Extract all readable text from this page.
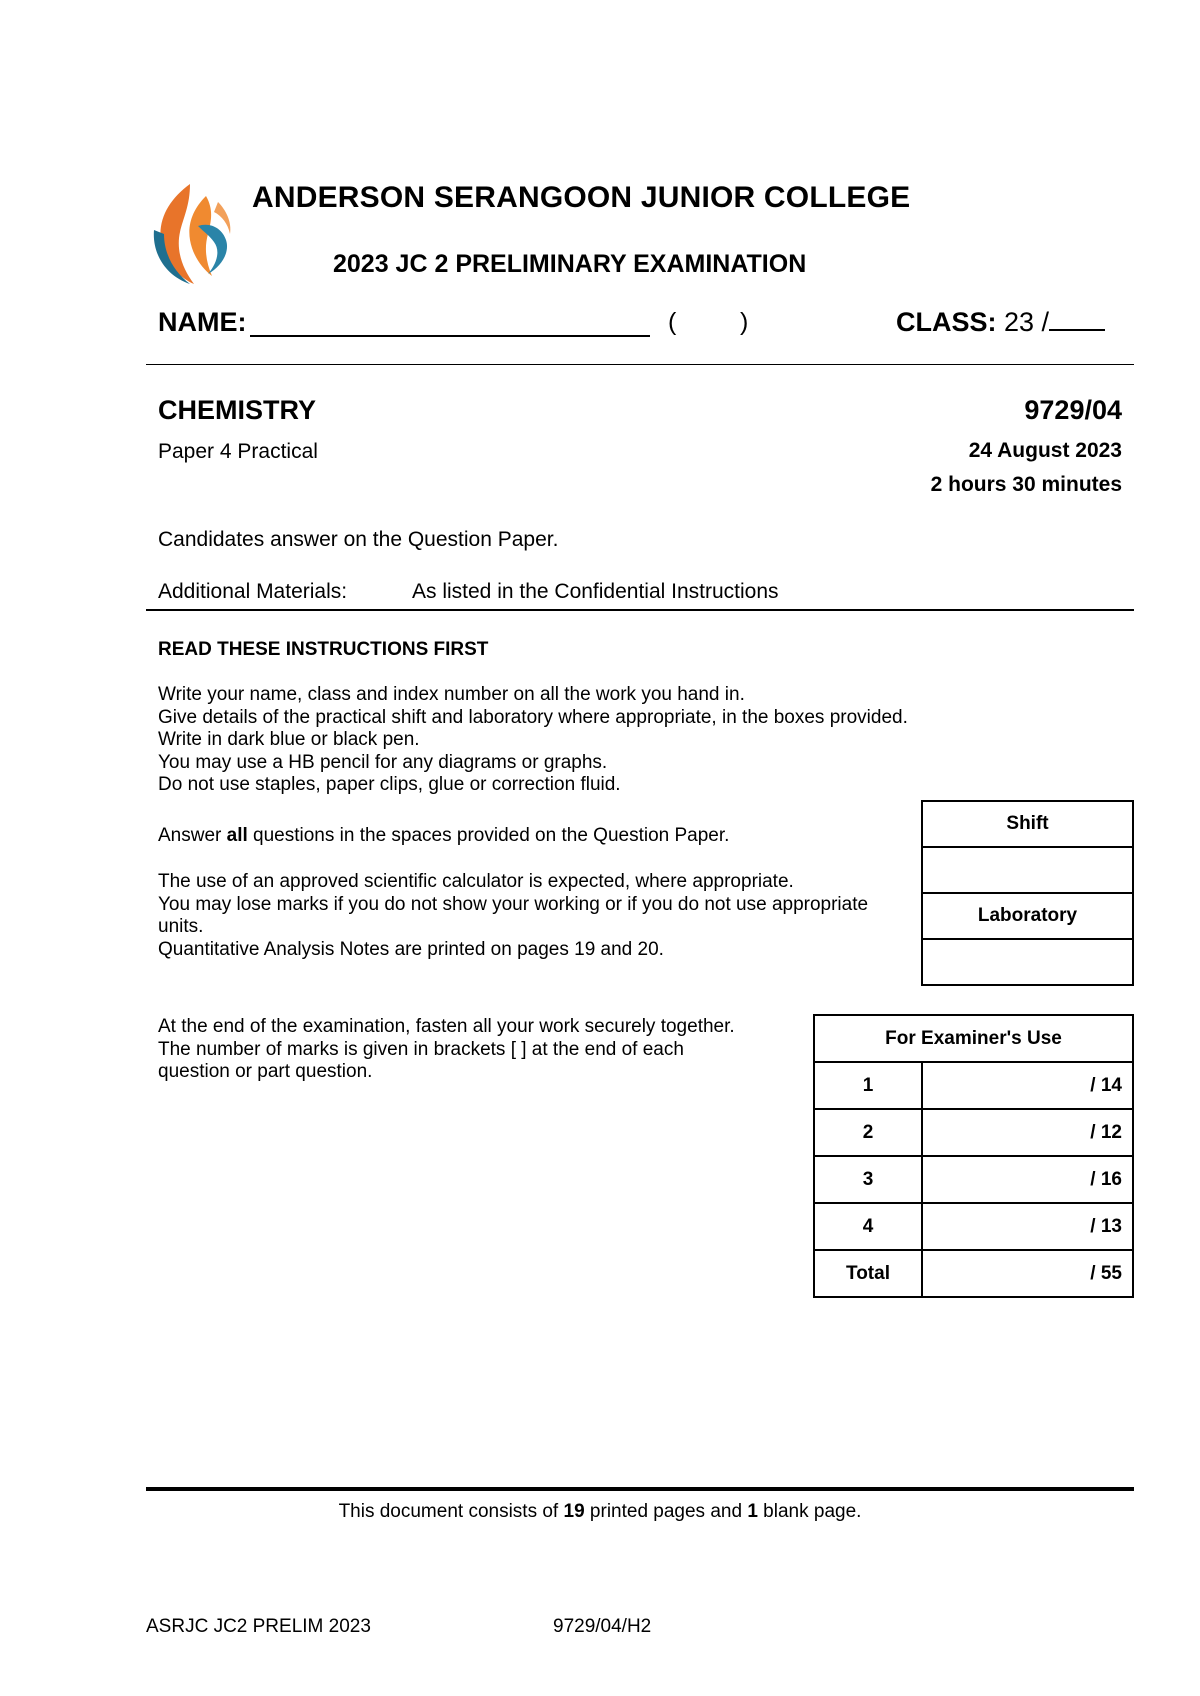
ANDERSON SERANGOON JUNIOR COLLEGE
2023 JC 2 PRELIMINARY EXAMINATION
NAME:	(	)	CLASS: 23 /
CHEMISTRY	9729/04
Paper 4 Practical	24 August 2023
2 hours 30 minutes
Candidates answer on the Question Paper.
Additional Materials:	As listed in the Confidential Instructions
READ THESE INSTRUCTIONS FIRST
Write your name, class and index number on all the work you hand in.
Give details of the practical shift and laboratory where appropriate, in the boxes provided.
Write in dark blue or black pen.
You may use a HB pencil for any diagrams or graphs.
Do not use staples, paper clips, glue or correction fluid.
Answer all questions in the spaces provided on the Question Paper.
The use of an approved scientific calculator is expected, where appropriate.
You may lose marks if you do not show your working or if you do not use appropriate
units.
Quantitative Analysis Notes are printed on pages 19 and 20.
At the end of the examination, fasten all your work securely together.
The number of marks is given in brackets [ ] at the end of each
question or part question.
Shift

Laboratory

For Examiner's Use	
1	/ 14
2	/ 12
3	/ 16
4	/ 13
Total	/ 55
This document consists of 19 printed pages and 1 blank page.
ASRJC JC2 PRELIM 2023	9729/04/H2
